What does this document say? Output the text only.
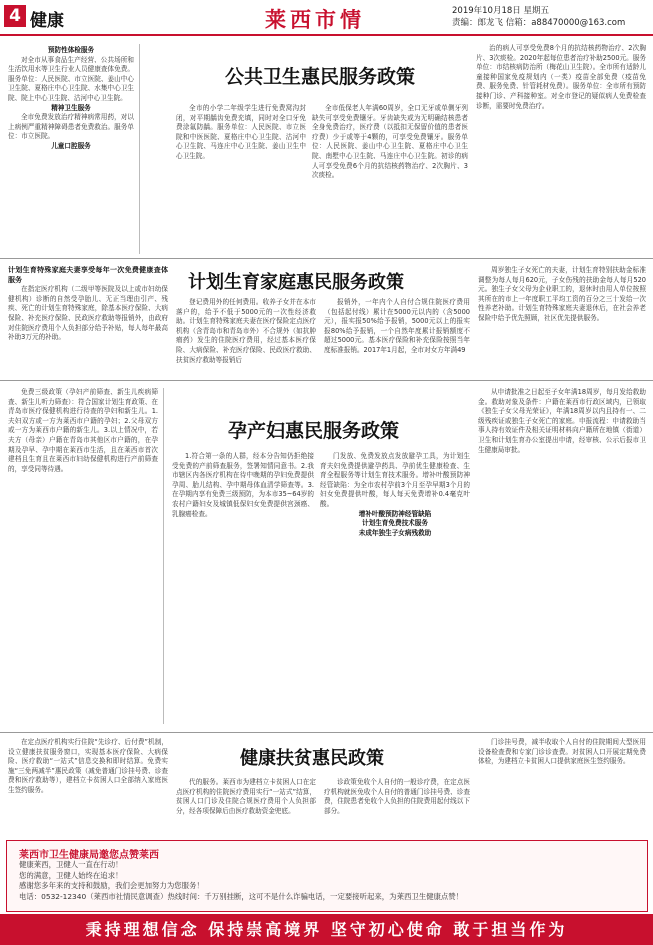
4 健康	莱西市情	2019年10月18日 星期五
责编：郎龙飞 信箱：a88470000@163.com
公共卫生惠民服务政策
预防性体检服务

对全市从事食品生产经营、公共场所和生活饮用水等卫生行业人员健康查体免费。服务单位：人民医院、市立医院、姜山中心卫生院、夏格庄中心卫生院、水集中心卫生院、院上中心卫生院、沽河中心卫生院。

精神卫生服务

全市免费发放治疗精神病常用药，对以上病例严重精神障碍患者免费救治。服务单位：市立医院。

儿童口腔服务

全市的小学二年级学生进行免费窝沟封闭，对平期龋齿免费充填，同时对全口牙免费涂氟防龋。服务单位：人民医院、市立医院和中医医院、夏格庄中心卫生院、沽河中心卫生院、马连庄中心卫生院、姜山卫生中心卫生院。

全市低保老人年满60周岁，全口无牙或单侧牙列缺失可享受免费镶牙。牙齿缺失或为无明确结核患者全身免费治疗，医疗费（以抵扣无保留价值的患者医疗费）少于或等于4颗的，可享受免费镶牙。服务单位：人民医院、姜山中心卫生院、夏格庄中心卫生院、南墅中心卫生院、马连庄中心卫生院。初诊的病人可享受免费6个月的抗结核药物治疗、2次胸片、3次痰检。

治的病人可享受免费8个月的抗结核药物治疗、2次胸片、3次痰检。2020年起每位患者治疗补助2500元。服务单位：市结核病防治所（梅花山卫生院）。全市所有适龄儿童接种国家免疫规划内（一类）疫苗全部免费（疫苗免费、服务免费、针管耗材免费）。服务单位：全市所有预防接种门诊、产科接种室。对全市登记的疑似病人免费检查诊断，需要时免费治疗。

计划生育家庭惠民服务政策
计划生育特殊家庭夫妻享受每年一次免费健康查体服务

在指定医疗机构（二级甲等医院及以上或市妇幼保健机构）诊断的自然受孕胎儿、无正当理由引产、残疾、死亡的计划生育特殊家庭，除基本医疗保险、大病保险、补充医疗保险、民政医疗救助等报销外，由政府对住院医疗费用个人负担部分给予补贴，每人每年最高补助3万元的补助。

登记费用外的任何费用。收养子女并在本市落户的，给予不低于5000元的一次性经济救助。计划生育特殊家庭夫妻在医疗保险定点医疗机构（含青岛市和青岛市外）不合规外（如抗肿瘤药）发生的住院医疗费用，经过基本医疗保险、大病保险、补充医疗保险、民政医疗救助、扶贫医疗救助等报销后

报销外，一年内个人自付合规住院医疗费用（包括起付线）累计在5000元以内的（含5000元），报实报50%给予报销，5000元以上的报实报80%给予报销，一个自然年度累计报销额度不超过5000元。基本医疗保险和补充保险按照当年度标准报销。2017年1月起，全市对女方年满49

周岁独生子女死亡的夫妻，计划生育特别扶助金标准调整为每人每月620元，子女伤残的扶助金每人每月520元。独生子女父母为企业职工的，退休时由用人单位按照其所在的市上一年度职工平均工资的百分之三十发给一次性养老补助。计划生育特殊家庭夫妻退休后，在社会养老保险中给予优先照顾，社区优先提供服务。

孕产妇惠民服务政策

免费三级政策（孕妇产前筛查、新生儿疾病筛查、新生儿听力筛查）：符合国家计划生育政策、在青岛市医疗保健机构进行待查的孕妇和新生儿。1.夫妇双方或一方为莱西市户籍的孕妇；2.父母双方或一方为莱西市户籍的新生儿。3.以上情况中，若夫方（母亲）户籍在青岛市其他区市户籍的，在孕期及孕早、孕中期在莱西市生活，且在莱西市首次建档且生育且在莱西市妇幼保健机构进行产前筛查的，享受同等待遇。

1.符合第一条的人群，经本分告知仍拒绝接受免费的产前筛查服务，签署知情同意书。2.我市辖区内各医疗机构在待中晚期的孕妇免费提供孕周、胎儿结构、孕中期母体血清学筛查等。3.在孕期内享有免费三级预防，为本市35~64岁的农村户籍妇女及城镇低保妇女免费提供宫颈癌、乳腺癌检查。

门发放、免费发放点发放避孕工具，为计划生育夫妇免费提供避孕药具、孕前优生健康检查、生育全程服务等计划生育技术服务。增补叶酸预防神经管缺陷：为全市农村孕前3个月至孕早期3个月的妇女免费提供叶酸，每人每天免费增补0.4毫克叶酸。

增补叶酸预防神经管缺陷
计划生育免费技术服务
未成年独生子女病残救助

从申请批准之日起至子女年满18周岁，每月发给救助金。救助对象及条件：户籍在莱西市行政区域内，已领取《独生子女父母光荣证》，年满18周岁以内且持有一、二级残疾证或独生子女死亡的家庭。申报流程：申请救助当事人持有效证件及相关证明材料向户籍所在地镇（街道）卫生和计划生育办公室提出申请，经审核、公示后报市卫生健康局审批。

健康扶贫惠民政策

在定点医疗机构实行住院“先诊疗、后付费”机制，设立健康扶贫服务窗口，实现基本医疗保险、大病保险、医疗救助“一站式”信息交换和即时结算。免费实施“三免两减半”惠民政策（减免普通门诊挂号费、诊查费和医疗救助等），建档立卡贫困人口全部纳入家庭医生签约服务。

代的服务。莱西市为建档立卡贫困人口在定点医疗机构的住院医疗费用实行“一站式”结算，贫困人口门诊及住院合规医疗费用个人负担部分，经各项保障后由医疗救助资金兜底。

诊政策免收个人自付的一般诊疗费，在定点医疗机构就医免收个人自付的普通门诊挂号费、诊查费，住院患者免收个人负担的住院费用起付线以下部分。

门诊挂号费，减半收取个人自付的住院期间大型医用设备检查费和专家门诊诊查费。对贫困人口开展定期免费体检，为建档立卡贫困人口提供家庭医生签约服务。

莱西市卫生健康局邀您点赞莱西
健康莱西，卫健人一直在行动！
您的满意，卫健人始终在追求！
感谢您多年来的支持和鼓励，我们会更加努力为您服务！
电话：0532-12340（莱西市社情民意调查）热线时间：千万别挂断，这可不是什么诈骗电话，一定要接听起来，为莱西卫生健康点赞！
秉持理想信念 保持崇高境界 坚守初心使命 敢于担当作为
